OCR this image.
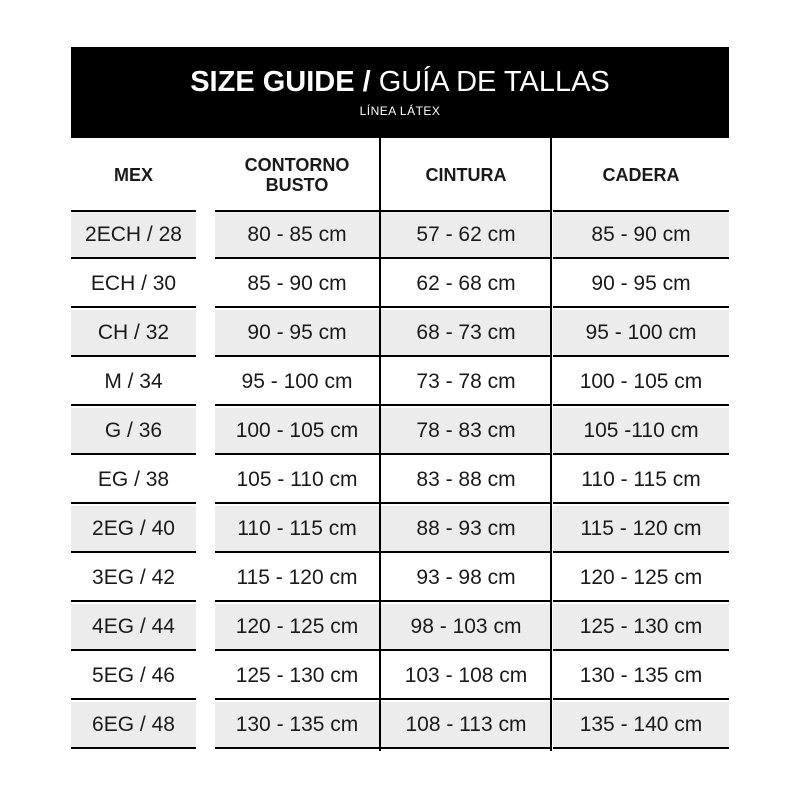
SIZE GUIDE / GUÍA DE TALLAS
LÍNEA LÁTEX
MEX	CONTORNO BUSTO	CINTURA	CADERA
2ECH / 28	80 - 85 cm	57 - 62 cm	85 - 90 cm
ECH / 30	85 - 90 cm	62 - 68 cm	90 - 95 cm
CH / 32	90 - 95 cm	68 - 73 cm	95 - 100 cm
M / 34	95 - 100 cm	73 - 78 cm	100 - 105 cm
G / 36	100 - 105 cm	78 - 83 cm	105 -110 cm
EG / 38	105 - 110 cm	83 - 88 cm	110 - 115 cm
2EG / 40	110 - 115 cm	88 - 93 cm	115 - 120 cm
3EG / 42	115 - 120 cm	93 - 98 cm	120 - 125 cm
4EG / 44	120 - 125 cm	98 - 103 cm	125 - 130 cm
5EG / 46	125 - 130 cm	103 - 108 cm	130 - 135 cm
6EG / 48	130 - 135 cm	108 - 113 cm	135 - 140 cm
